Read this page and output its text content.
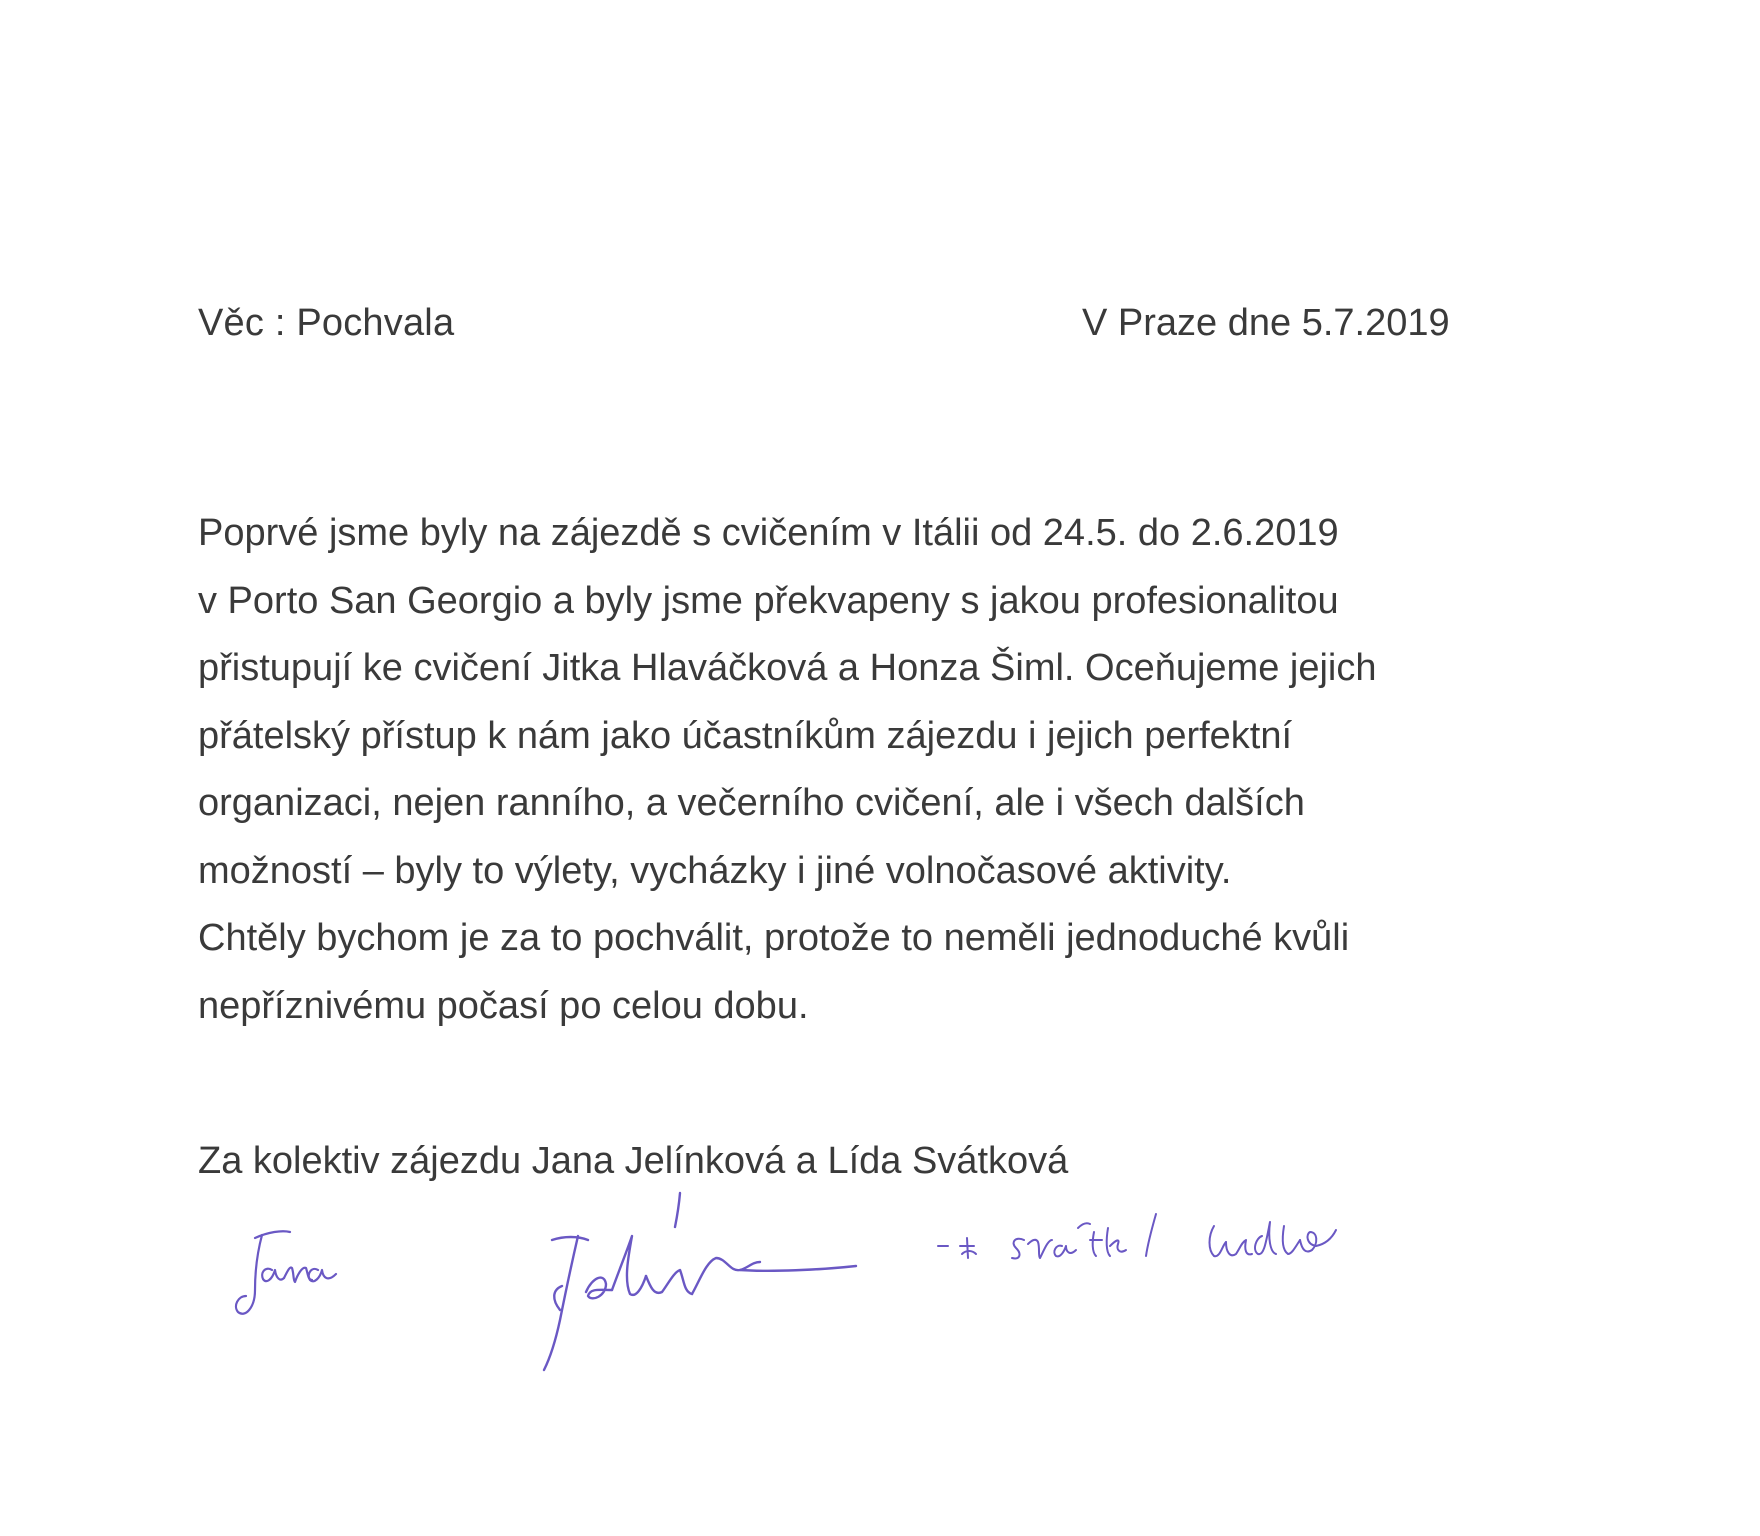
Věc : Pochvala	V Praze dne 5.7.2019
Poprvé jsme byly na zájezdě s cvičením v Itálii od 24.5. do 2.6.2019
v Porto San Georgio a byly jsme překvapeny s jakou profesionalitou
přistupují ke cvičení Jitka Hlaváčková a Honza Šiml. Oceňujeme jejich
přátelský přístup k nám jako účastníkům zájezdu i jejich perfektní
organizaci, nejen ranního, a večerního cvičení, ale i všech dalších
možností – byly to výlety, vycházky i jiné volnočasové aktivity.
Chtěly bychom je za to pochválit, protože to neměli jednoduché kvůli
nepříznivému počasí po celou dobu.
Za kolektiv zájezdu Jana Jelínková a Lída Svátková
